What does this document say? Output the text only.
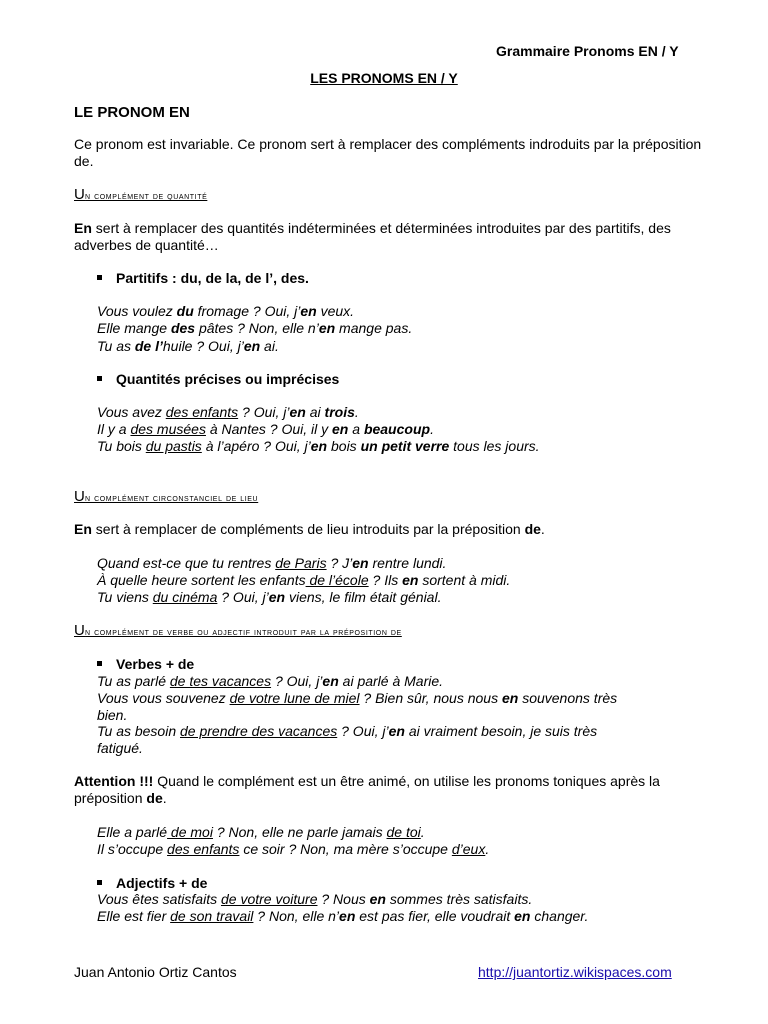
Grammaire Pronoms EN / Y
LES PRONOMS EN / Y
LE PRONOM EN
Ce pronom est invariable. Ce pronom sert à remplacer des compléments indroduits par la préposition de.
Un complément de quantité
En sert à remplacer des quantités indéterminées et déterminées introduites par des partitifs, des adverbes de quantité…
Partitifs : du, de la, de l’, des.
Vous voulez du fromage ? Oui, j’en veux.
Elle mange des pâtes ? Non, elle n’en mange pas.
Tu as de l’huile ? Oui, j’en ai.
Quantités précises ou imprécises
Vous avez des enfants ? Oui, j’en ai trois.
Il y a des musées à Nantes ? Oui, il y en a beaucoup.
Tu bois du pastis à l’apéro ? Oui, j’en bois un petit verre tous les jours.
Un complément circonstanciel de lieu
En sert à remplacer de compléments de lieu introduits par la préposition de.
Quand est-ce que tu rentres de Paris ? J’en rentre lundi.
À quelle heure sortent les enfants de l’école ? Ils en sortent à midi.
Tu viens du cinéma ? Oui, j’en viens, le film était génial.
Un complément de verbe ou adjectif introduit par la préposition de
Verbes + de
Tu as parlé de tes vacances ? Oui, j’en ai parlé à Marie.
Vous vous souvenez de votre lune de miel ? Bien sûr, nous nous en souvenons très
bien.
Tu as besoin de prendre des vacances ? Oui, j’en ai vraiment besoin, je suis très
fatigué.
Attention !!! Quand le complément est un être animé, on utilise les pronoms toniques après la préposition de.
Elle a parlé de moi ? Non, elle ne parle jamais de toi.
Il s’occupe des enfants ce soir ? Non, ma mère s’occupe d’eux.
Adjectifs + de
Vous êtes satisfaits de votre voiture ? Nous en sommes très satisfaits.
Elle est fier de son travail ? Non, elle n’en est pas fier, elle voudrait en changer.
Juan Antonio Ortiz Cantos	http://juantortiz.wikispaces.com
